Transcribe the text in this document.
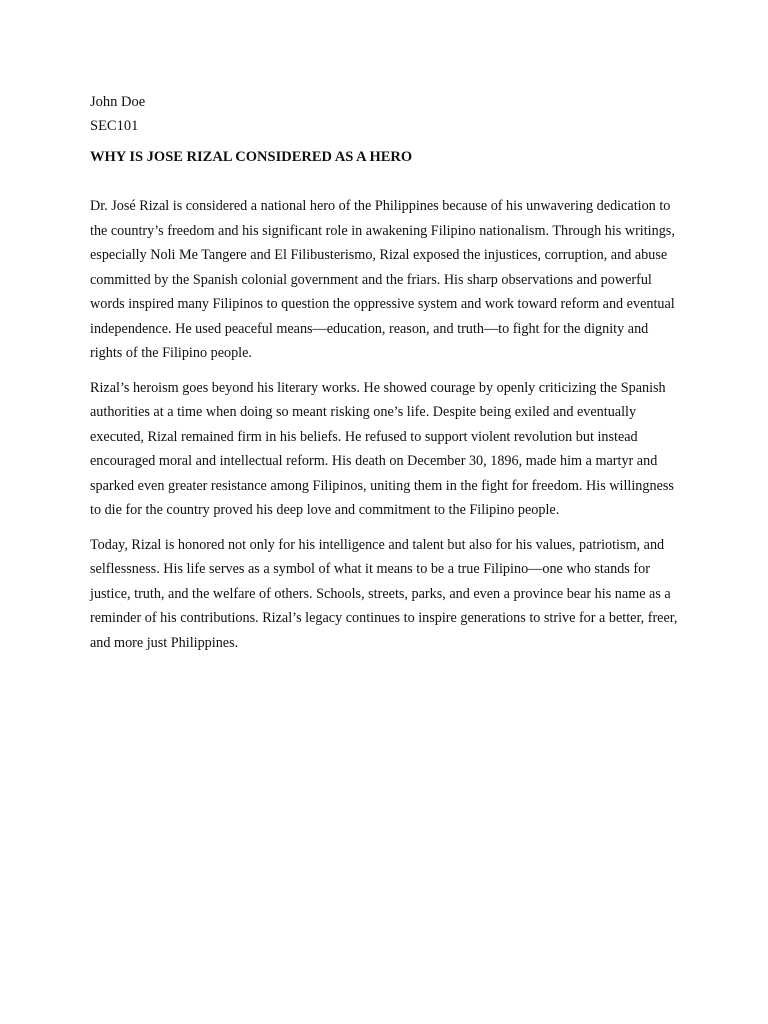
John Doe

SEC101

WHY IS JOSE RIZAL CONSIDERED AS A HERO

Dr. José Rizal is considered a national hero of the Philippines because of his unwavering dedication to the country’s freedom and his significant role in awakening Filipino nationalism. Through his writings, especially Noli Me Tangere and El Filibusterismo, Rizal exposed the injustices, corruption, and abuse committed by the Spanish colonial government and the friars. His sharp observations and powerful words inspired many Filipinos to question the oppressive system and work toward reform and eventual independence. He used peaceful means—education, reason, and truth—to fight for the dignity and rights of the Filipino people.

Rizal’s heroism goes beyond his literary works. He showed courage by openly criticizing the Spanish authorities at a time when doing so meant risking one’s life. Despite being exiled and eventually executed, Rizal remained firm in his beliefs. He refused to support violent revolution but instead encouraged moral and intellectual reform. His death on December 30, 1896, made him a martyr and sparked even greater resistance among Filipinos, uniting them in the fight for freedom. His willingness to die for the country proved his deep love and commitment to the Filipino people.

Today, Rizal is honored not only for his intelligence and talent but also for his values, patriotism, and selflessness. His life serves as a symbol of what it means to be a true Filipino—one who stands for justice, truth, and the welfare of others. Schools, streets, parks, and even a province bear his name as a reminder of his contributions. Rizal’s legacy continues to inspire generations to strive for a better, freer, and more just Philippines.
